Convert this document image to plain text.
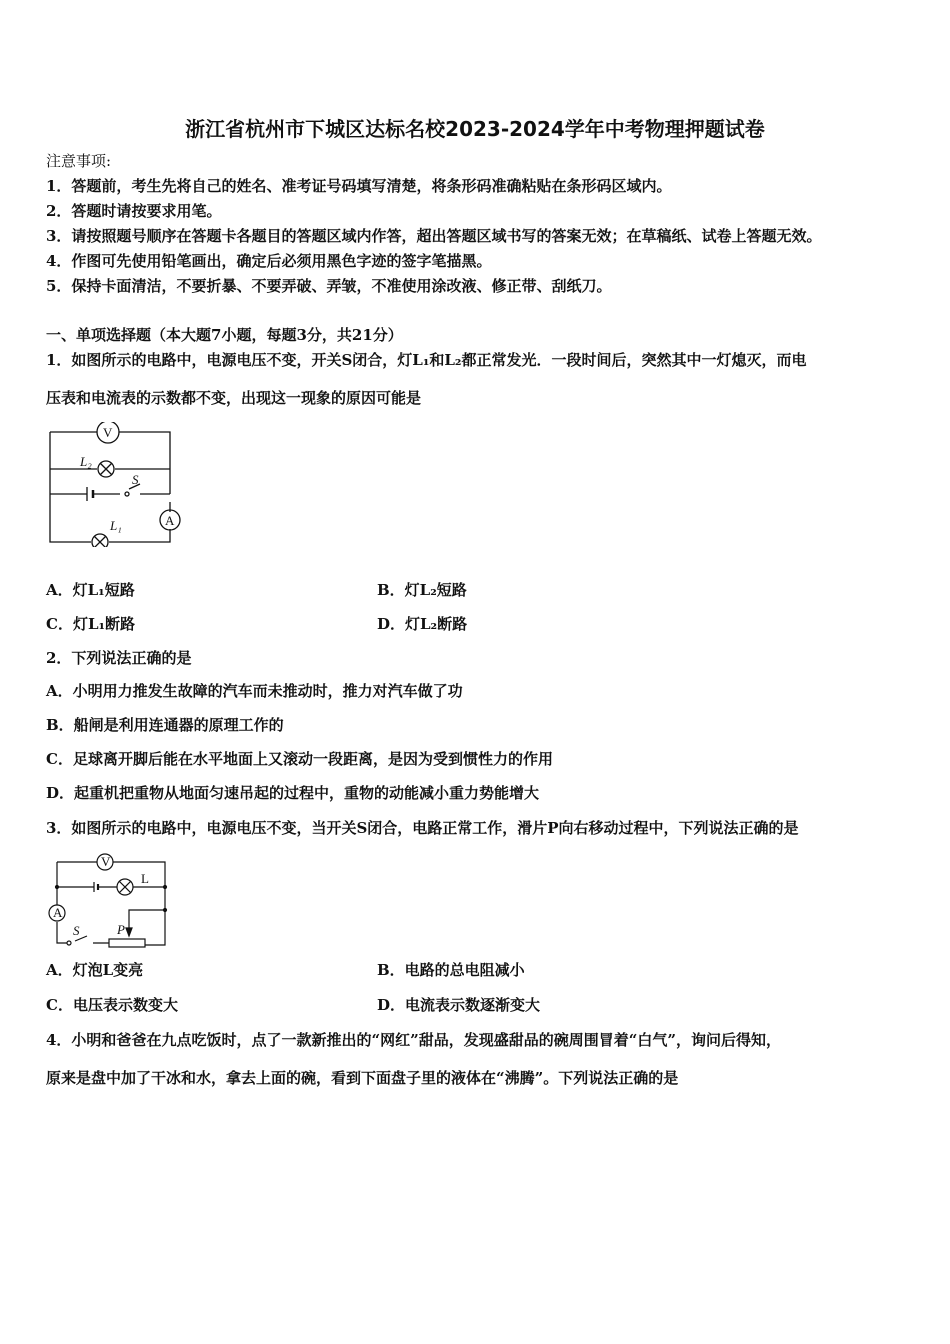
浙江省杭州市下城区达标名校2023-2024学年中考物理押题试卷
注意事项:
1．答题前，考生先将自己的姓名、准考证号码填写清楚，将条形码准确粘贴在条形码区域内。
2．答题时请按要求用笔。
3．请按照题号顺序在答题卡各题目的答题区域内作答，超出答题区域书写的答案无效；在草稿纸、试卷上答题无效。
4．作图可先使用铅笔画出，确定后必须用黑色字迹的签字笔描黑。
5．保持卡面清洁，不要折暴、不要弄破、弄皱，不准使用涂改液、修正带、刮纸刀。
一、单项选择题（本大题7小题，每题3分，共21分）
1．如图所示的电路中，电源电压不变，开关S闭合，灯L₁和L₂都正常发光．一段时间后，突然其中一灯熄灭，而电
压表和电流表的示数都不变，出现这一现象的原因可能是
V
A
L₂
L₁
S
A．灯L₁短路	B．灯L₂短路
C．灯L₁断路	D．灯L₂断路
2．下列说法正确的是
A．小明用力推发生故障的汽车而未推动时，推力对汽车做了功
B．船闸是利用连通器的原理工作的
C．足球离开脚后能在水平地面上又滚动一段距离，是因为受到惯性力的作用
D．起重机把重物从地面匀速吊起的过程中，重物的动能减小重力势能增大
3．如图所示的电路中，电源电压不变，当开关S闭合，电路正常工作，滑片P向右移动过程中，下列说法正确的是
V
A
L
S	P
A．灯泡L变亮	B．电路的总电阻减小
C．电压表示数变大	D．电流表示数逐渐变大
4．小明和爸爸在九点吃饭时，点了一款新推出的“网红”甜品，发现盛甜品的碗周围冒着“白气”，询问后得知，
原来是盘中加了干冰和水，拿去上面的碗，看到下面盘子里的液体在“沸腾”。下列说法正确的是
